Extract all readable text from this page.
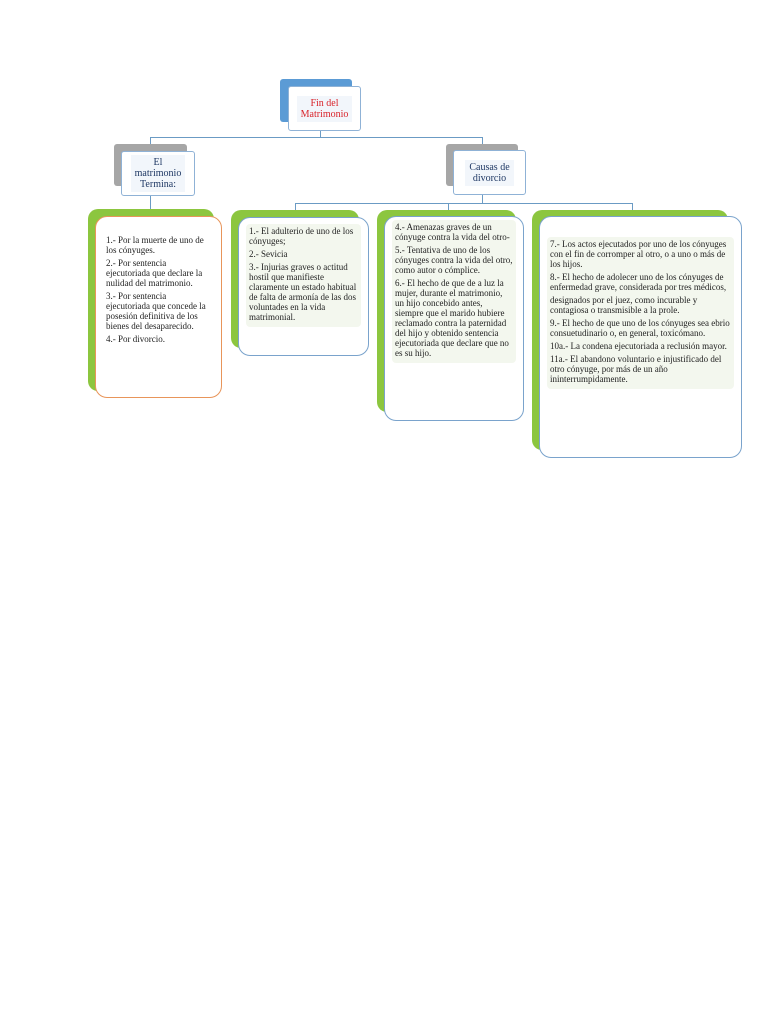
Fin del
Matrimonio
El
matrimonio
Termina:
Causas de
divorcio

1.- Por la muerte de uno de los cónyuges.

2.- Por sentencia ejecutoriada que declare la nulidad del matrimonio.

3.- Por sentencia ejecutoriada que concede la posesión definitiva de los bienes del desaparecido.

4.- Por divorcio.

1.- El adulterio de uno de los cónyuges;

2.- Sevicia

3.- Injurias graves o actitud hostil que manifieste claramente un estado habitual de falta de armonía de las dos voluntades en la vida matrimonial.

4.- Amenazas graves de un cónyuge contra la vida del otro-

5.- Tentativa de uno de los cónyuges contra la vida del otro, como autor o cómplice.

6.- El hecho de que de a luz la mujer, durante el matrimonio, un hijo concebido antes, siempre que el marido hubiere reclamado contra la paternidad del hijo y obtenido sentencia ejecutoriada que declare que no es su hijo.

7.- Los actos ejecutados por uno de los cónyuges con el fin de corromper al otro, o a uno o más de los hijos.

8.- El hecho de adolecer uno de los cónyuges de enfermedad grave, considerada por tres médicos,

designados por el juez, como incurable y contagiosa o transmisible a la prole.

9.- El hecho de que uno de los cónyuges sea ebrio consuetudinario o, en general, toxicómano.

10a.- La condena ejecutoriada a reclusión mayor.

11a.- El abandono voluntario e injustificado del otro cónyuge, por más de un año ininterrumpidamente.
